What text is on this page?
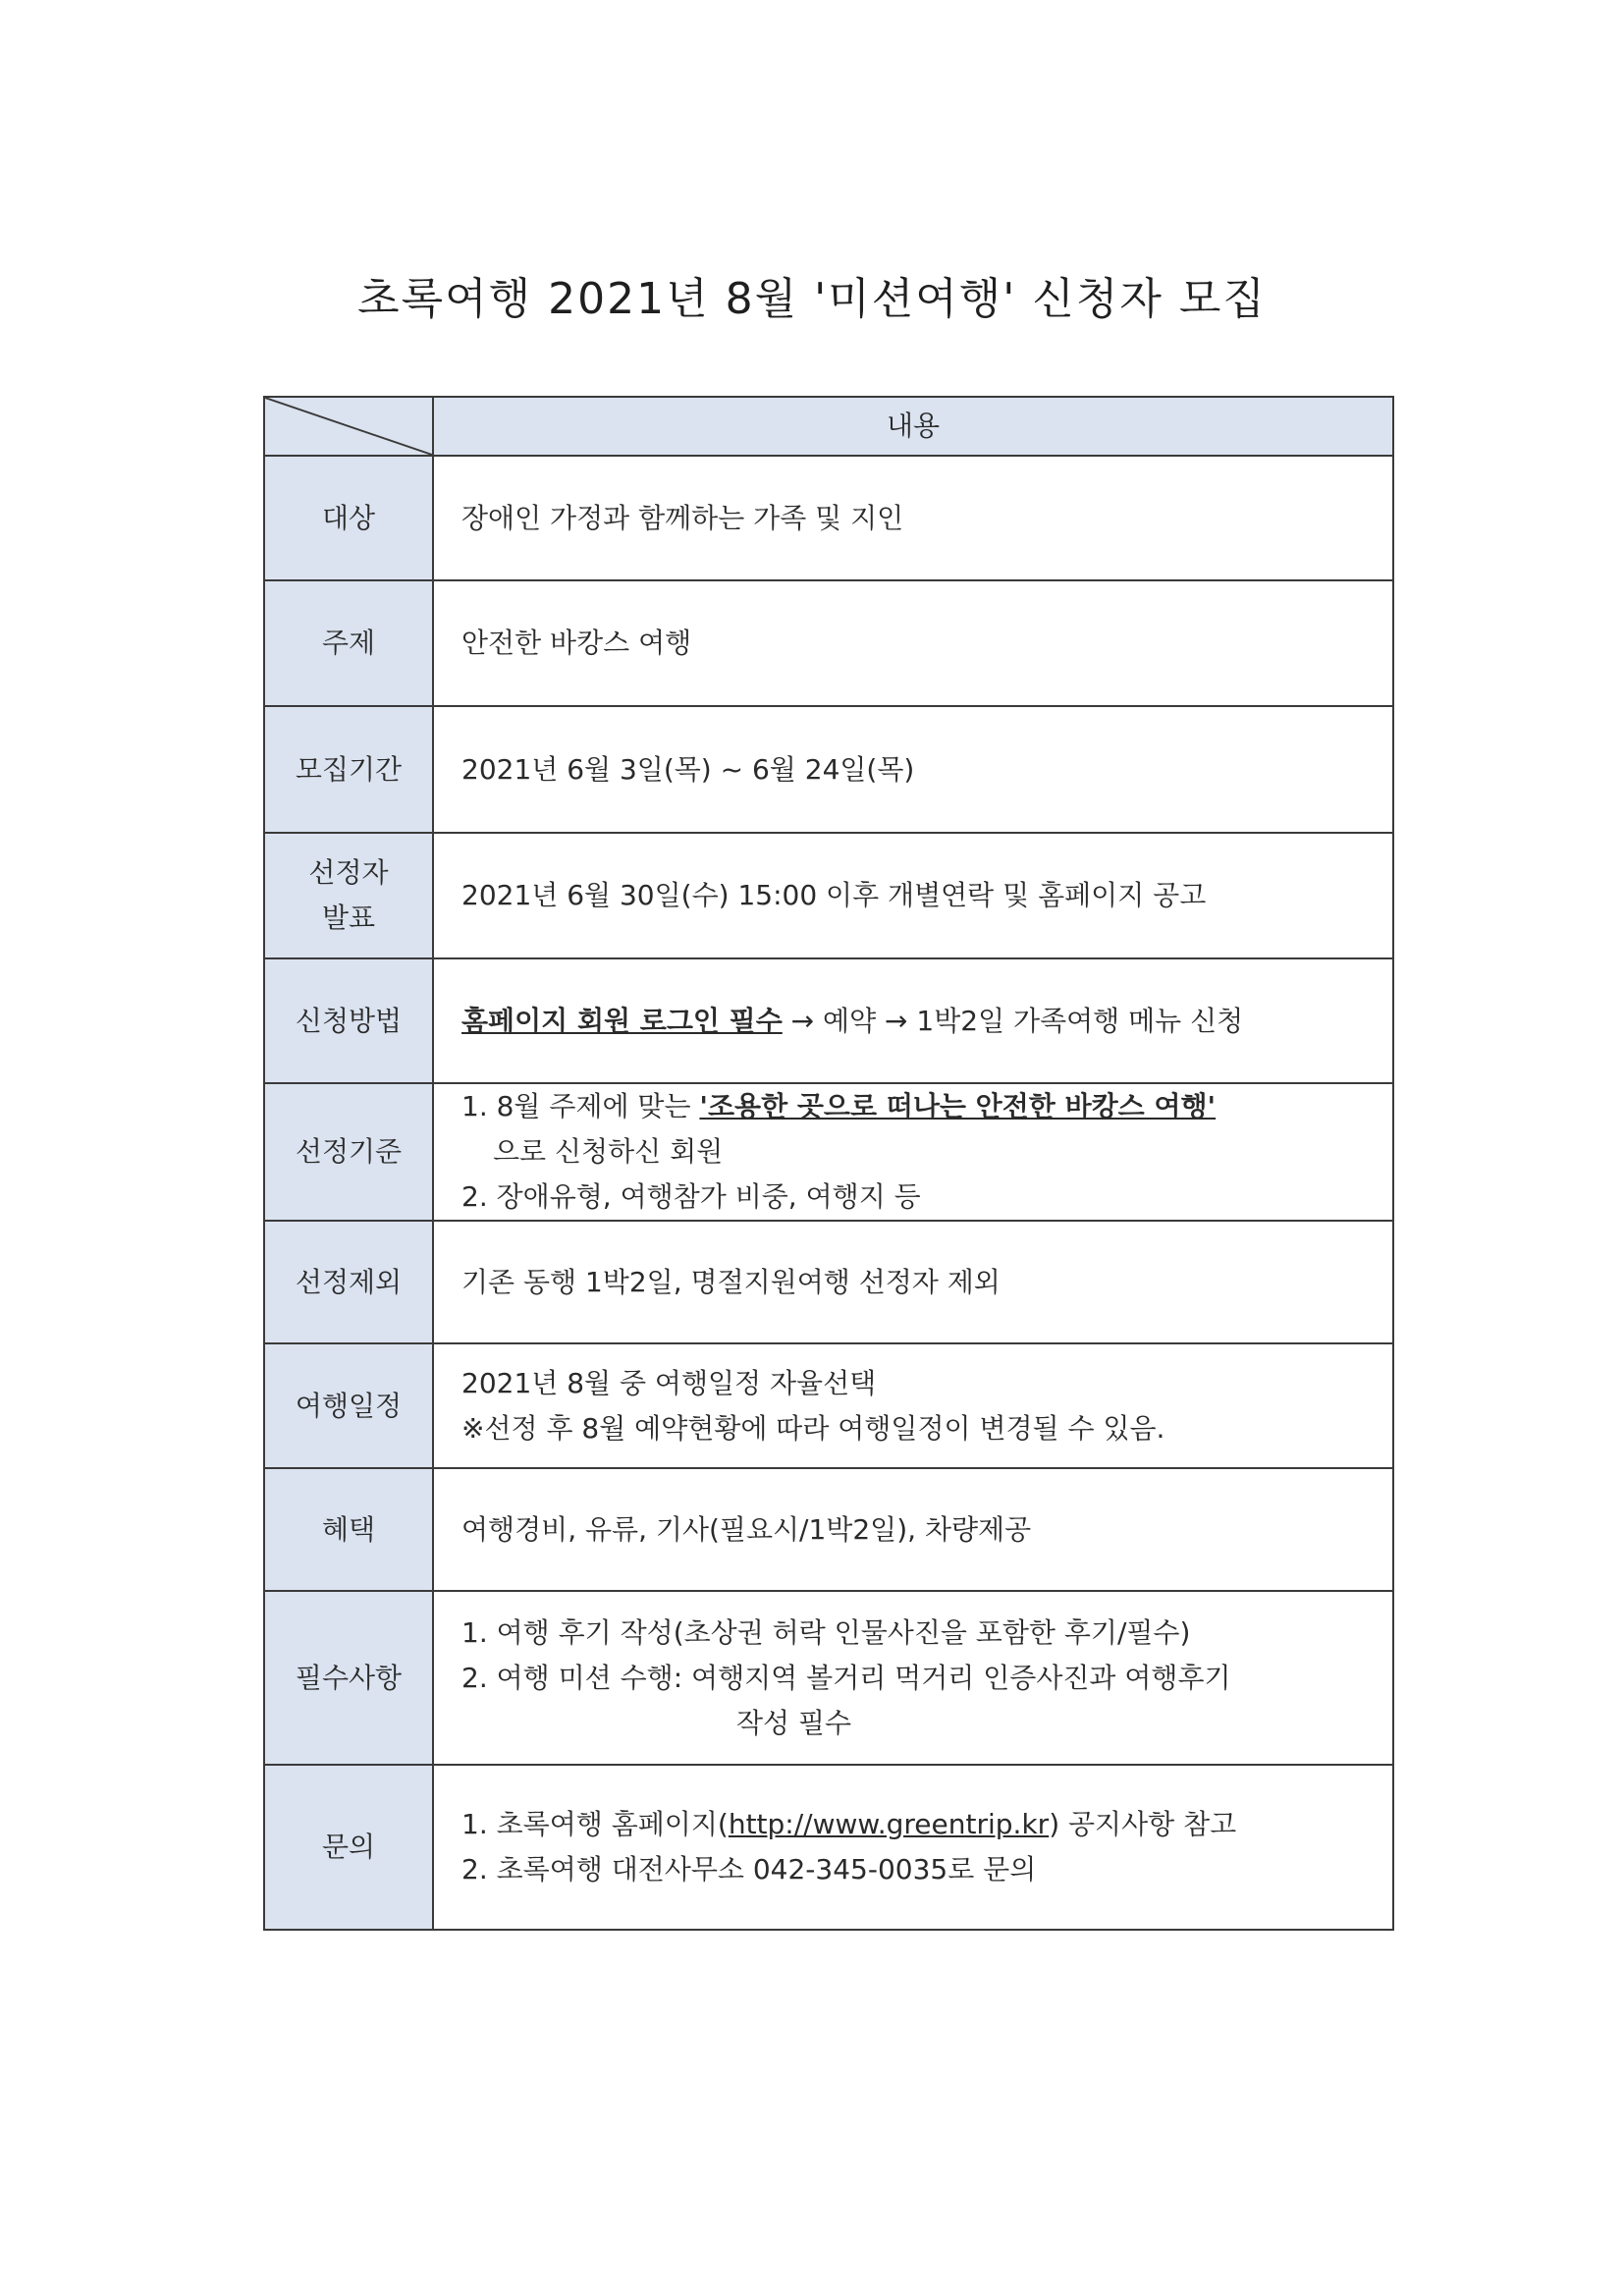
초록여행 2021년 8월 '미션여행' 신청자 모집
	내용
대상	장애인 가정과 함께하는 가족 및 지인

주제	안전한 바캉스 여행

모집기간	2021년 6월 3일(목) ~ 6월 24일(목)

선정자
발표	2021년 6월 30일(수) 15:00 이후 개별연락 및 홈페이지 공고

신청방법	홈페이지 회원 로그인 필수 → 예약 → 1박2일 가족여행 메뉴 신청

선정기준	1. 8월 주제에 맞는 '조용한 곳으로 떠나는 안전한 바캉스 여행'
으로 신청하신 회원
2. 장애유형, 여행참가 비중, 여행지 등

선정제외	기존 동행 1박2일, 명절지원여행 선정자 제외

여행일정	2021년 8월 중 여행일정 자율선택
※선정 후 8월 예약현황에 따라 여행일정이 변경될 수 있음.

혜택	여행경비, 유류, 기사(필요시/1박2일), 차량제공

필수사항	1. 여행 후기 작성(초상권 허락 인물사진을 포함한 후기/필수)
2. 여행 미션 수행: 여행지역 볼거리 먹거리 인증사진과 여행후기
작성 필수

문의	1. 초록여행 홈페이지(http://www.greentrip.kr) 공지사항 참고
2. 초록여행 대전사무소 042-345-0035로 문의
